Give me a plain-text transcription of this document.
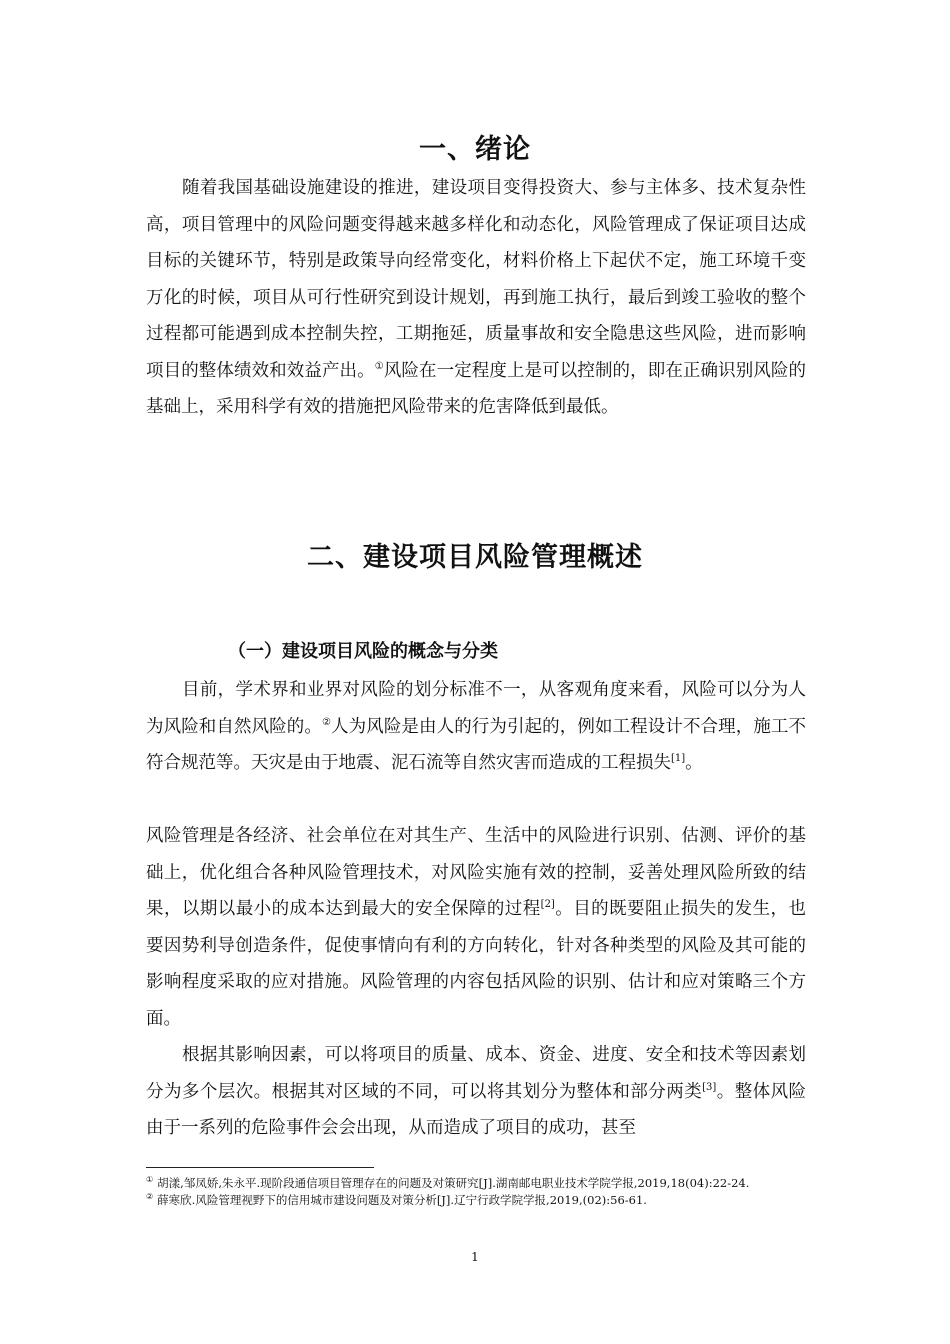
一、绪论

随着我国基础设施建设的推进，建设项目变得投资大、参与主体多、技术复杂性高，项目管理中的风险问题变得越来越多样化和动态化，风险管理成了保证项目达成目标的关键环节，特别是政策导向经常变化，材料价格上下起伏不定，施工环境千变万化的时候，项目从可行性研究到设计规划，再到施工执行，最后到竣工验收的整个过程都可能遇到成本控制失控，工期拖延，质量事故和安全隐患这些风险，进而影响项目的整体绩效和效益产出。①风险在一定程度上是可以控制的，即在正确识别风险的基础上，采用科学有效的措施把风险带来的危害降低到最低。

二、建设项目风险管理概述
（一）建设项目风险的概念与分类

目前，学术界和业界对风险的划分标准不一，从客观角度来看，风险可以分为人为风险和自然风险的。②人为风险是由人的行为引起的，例如工程设计不合理，施工不符合规范等。天灾是由于地震、泥石流等自然灾害而造成的工程损失[1]。

风险管理是各经济、社会单位在对其生产、生活中的风险进行识别、估测、评价的基础上，优化组合各种风险管理技术，对风险实施有效的控制，妥善处理风险所致的结果，以期以最小的成本达到最大的安全保障的过程[2]。目的既要阻止损失的发生，也要因势利导创造条件，促使事情向有利的方向转化，针对各种类型的风险及其可能的影响程度采取的应对措施。风险管理的内容包括风险的识别、估计和应对策略三个方面。

根据其影响因素，可以将项目的质量、成本、资金、进度、安全和技术等因素划分为多个层次。根据其对区域的不同，可以将其划分为整体和部分两类[3]。整体风险由于一系列的危险事件会会出现，从而造成了项目的成功，甚至

① 胡漾,邹凤娇,朱永平.现阶段通信项目管理存在的问题及对策研究[J].湖南邮电职业技术学院学报,2019,18(04):22-24.

② 薛寒欣.风险管理视野下的信用城市建设问题及对策分析[J].辽宁行政学院学报,2019,(02):56-61.

1
